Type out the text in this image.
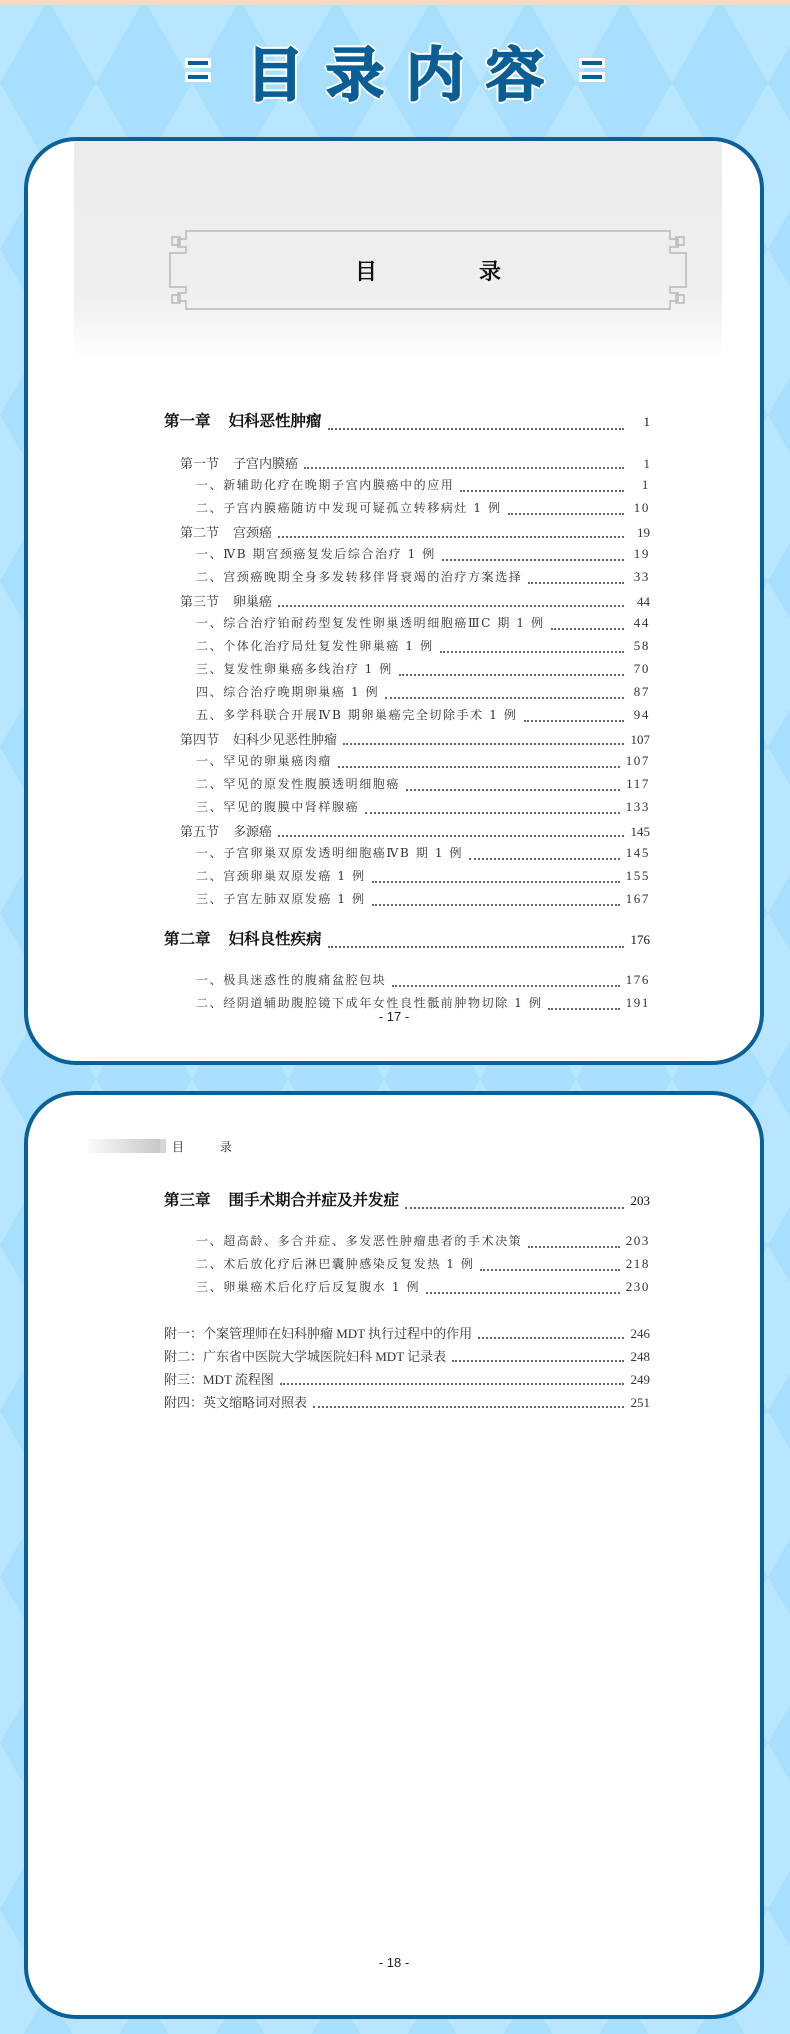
目录内容
目　录
第一章 妇科恶性肿瘤	1
第一节 子宫内膜癌	1
一、新辅助化疗在晚期子宫内膜癌中的应用	1
二、子宫内膜癌随访中发现可疑孤立转移病灶 1 例	10
第二节 宫颈癌	19
一、ⅣB 期宫颈癌复发后综合治疗 1 例	19
二、宫颈癌晚期全身多发转移伴肾衰竭的治疗方案选择	33
第三节 卵巢癌	44
一、综合治疗铂耐药型复发性卵巢透明细胞癌ⅢC 期 1 例	44
二、个体化治疗局灶复发性卵巢癌 1 例	58
三、复发性卵巢癌多线治疗 1 例	70
四、综合治疗晚期卵巢癌 1 例	87
五、多学科联合开展ⅣB 期卵巢癌完全切除手术 1 例	94
第四节 妇科少见恶性肿瘤	107
一、罕见的卵巢癌肉瘤	107
二、罕见的原发性腹膜透明细胞癌	117
三、罕见的腹膜中肾样腺癌	133
第五节 多源癌	145
一、子宫卵巢双原发透明细胞癌ⅣB 期 1 例	145
二、宫颈卵巢双原发癌 1 例	155
三、子宫左肺双原发癌 1 例	167
第二章 妇科良性疾病	176
一、极具迷惑性的腹痛盆腔包块	176
二、经阴道辅助腹腔镜下成年女性良性骶前肿物切除 1 例	191
- 17 -
目 录
第三章 围手术期合并症及并发症	203
一、超高龄、多合并症、多发恶性肿瘤患者的手术决策	203
二、术后放化疗后淋巴囊肿感染反复发热 1 例	218
三、卵巢癌术后化疗后反复腹水 1 例	230
附一：个案管理师在妇科肿瘤 MDT 执行过程中的作用	246
附二：广东省中医院大学城医院妇科 MDT 记录表	248
附三：MDT 流程图	249
附四：英文缩略词对照表	251
- 18 -
